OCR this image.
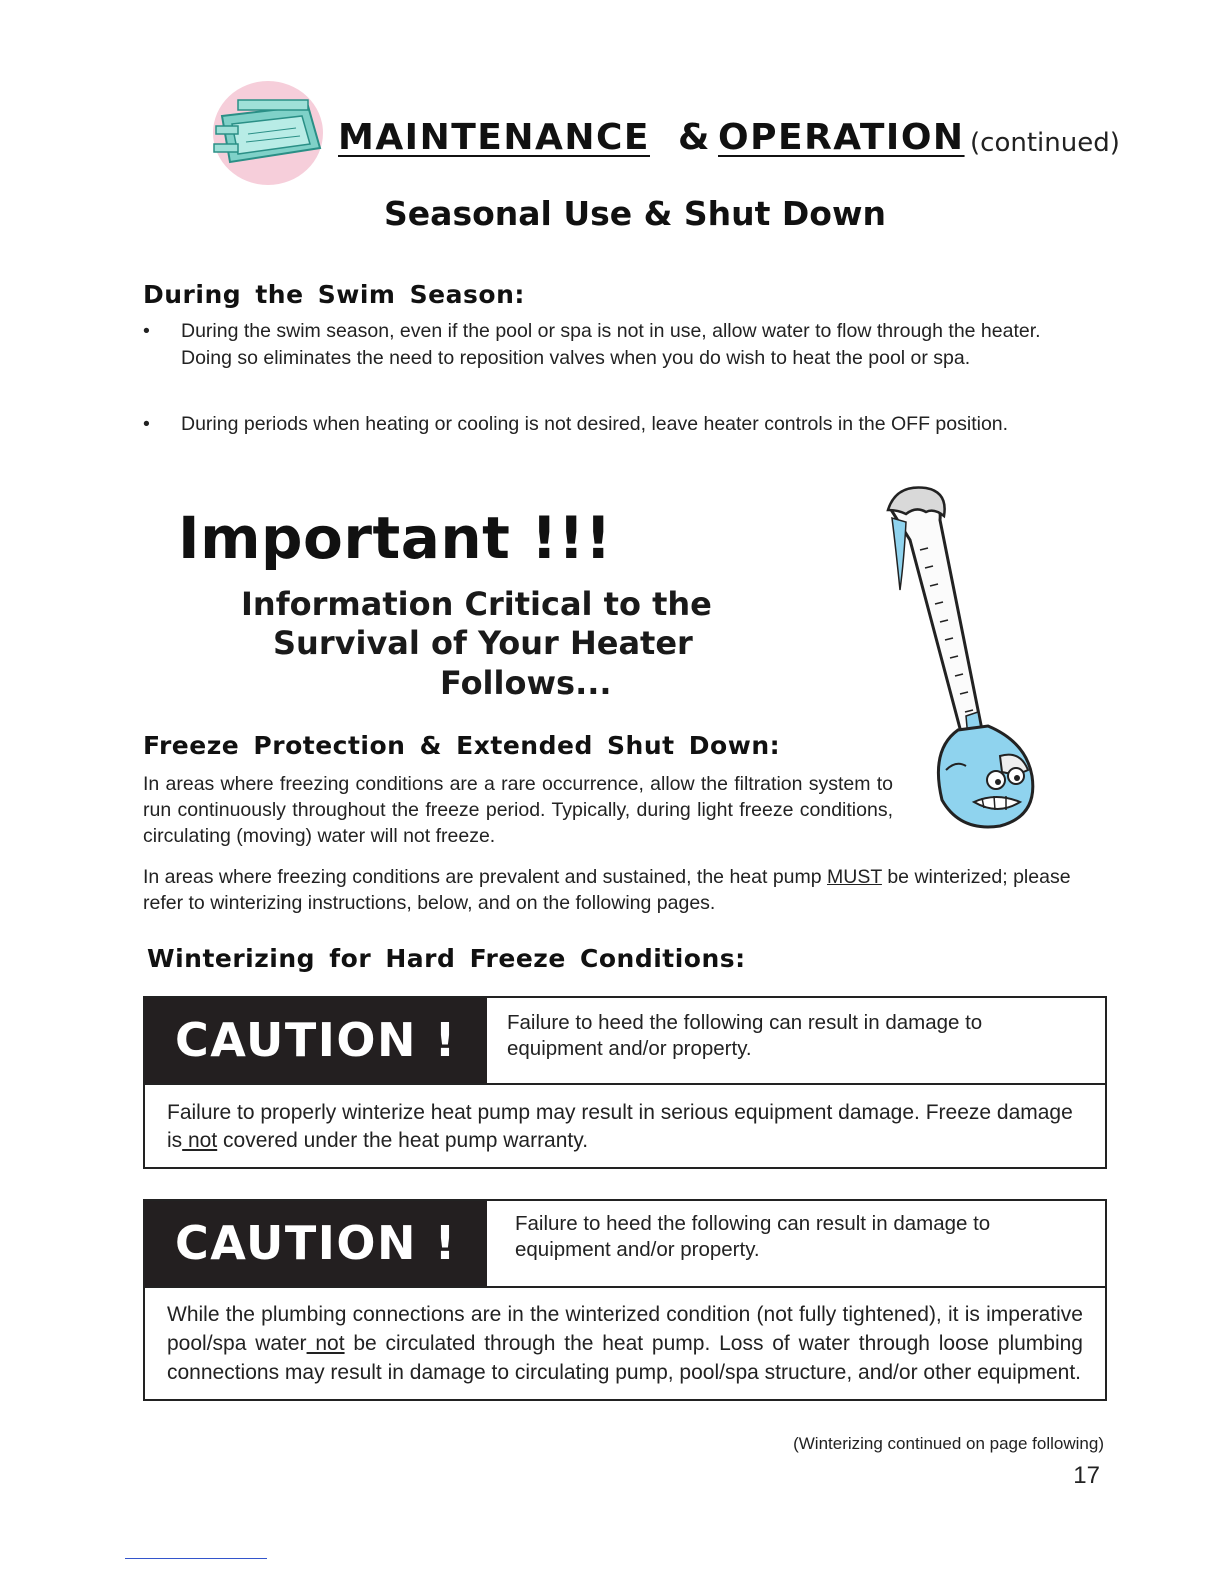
MAINTENANCE & OPERATION (continued)
Seasonal Use & Shut Down
During the Swim Season:
• During the swim season, even if the pool or spa is not in use, allow water to flow through the heater. Doing so eliminates the need to reposition valves when you do wish to heat the pool or spa.
• During periods when heating or cooling is not desired, leave heater controls in the OFF position.
Important !!!
Information Critical to the
Survival of Your Heater
Follows...
Freeze Protection & Extended Shut Down:
In areas where freezing conditions are a rare occurrence, allow the filtration system to run continuously throughout the freeze period. Typically, during light freeze conditions, circulating (moving) water will not freeze.
In areas where freezing conditions are prevalent and sustained, the heat pump MUST be winterized; please refer to winterizing instructions, below, and on the following pages.
Winterizing for Hard Freeze Conditions:
CAUTION !	Failure to heed the following can result in damage to equipment and/or property.
Failure to properly winterize heat pump may result in serious equipment damage. Freeze damage is not covered under the heat pump warranty.
CAUTION !	Failure to heed the following can result in damage to equipment and/or property.
While the plumbing connections are in the winterized condition (not fully tightened), it is imperative pool/spa water not be circulated through the heat pump. Loss of water through loose plumbing connections may result in damage to circulating pump, pool/spa structure, and/or other equipment.
(Winterizing continued on page following)
17
